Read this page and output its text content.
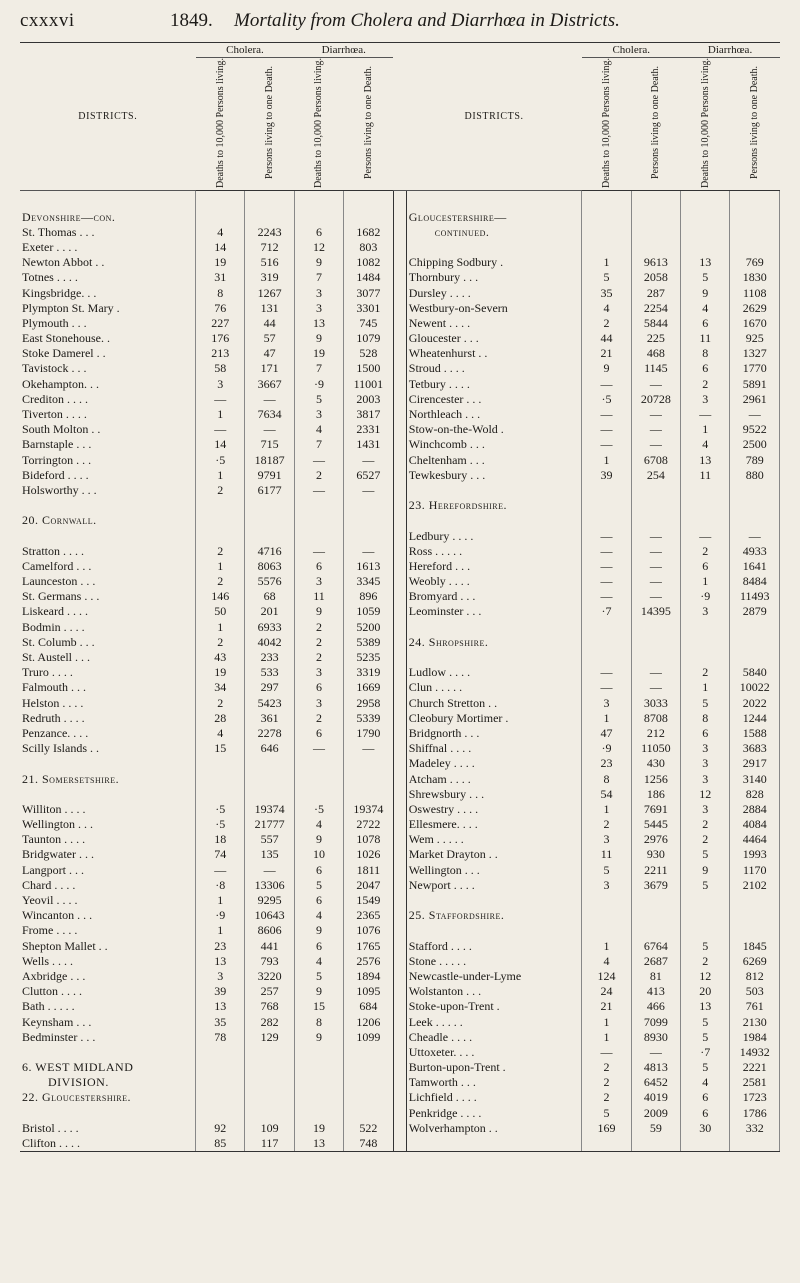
cxxxvi	1849. Mortality from Cholera and Diarrhœa in Districts.
DISTRICTS.	Cholera.		Diarrhœa.			DISTRICTS.	Cholera.		Diarrhœa.	
	Deaths to 10,000 Persons living.	Persons living to one Death.	Deaths to 10,000 Persons living.	Persons living to one Death.			Deaths to 10,000 Persons living.	Persons living to one Death.	Deaths to 10,000 Persons living.	Persons living to one Death.
Devonshire—con.						Gloucestershire—				
St. Thomas . . .	4	2243	6	1682		continued.				
Exeter . . . .	14	712	12	803						
Newton Abbot . .	19	516	9	1082		Chipping Sodbury .	1	9613	13	769
Totnes . . . .	31	319	7	1484		Thornbury . . .	5	2058	5	1830
Kingsbridge. . .	8	1267	3	3077		Dursley . . . .	35	287	9	1108
Plympton St. Mary .	76	131	3	3301		Westbury-on-Severn	4	2254	4	2629
Plymouth . . .	227	44	13	745		Newent . . . .	2	5844	6	1670
East Stonehouse. .	176	57	9	1079		Gloucester . . .	44	225	11	925
Stoke Damerel . .	213	47	19	528		Wheatenhurst . .	21	468	8	1327
Tavistock . . .	58	171	7	1500		Stroud . . . .	9	1145	6	1770
Okehampton. . .	3	3667	·9	11001		Tetbury . . . .	—	—	2	5891
Crediton . . . .	—	—	5	2003		Cirencester . . .	·5	20728	3	2961
Tiverton . . . .	1	7634	3	3817		Northleach . . .	—	—	—	—
South Molton . .	—	—	4	2331		Stow-on-the-Wold .	—	—	1	9522
Barnstaple . . .	14	715	7	1431		Winchcomb . . .	—	—	4	2500
Torrington . . .	·5	18187	—	—		Cheltenham . . .	1	6708	13	789
Bideford . . . .	1	9791	2	6527		Tewkesbury . . .	39	254	11	880
Holsworthy . . .	2	6177	—	—						
						23. Herefordshire.				
20. Cornwall.										
						Ledbury . . . .	—	—	—	—
Stratton . . . .	2	4716	—	—		Ross . . . . .	—	—	2	4933
Camelford . . .	1	8063	6	1613		Hereford . . .	—	—	6	1641
Launceston . . .	2	5576	3	3345		Weobly . . . .	—	—	1	8484
St. Germans . . .	146	68	11	896		Bromyard . . .	—	—	·9	11493
Liskeard . . . .	50	201	9	1059		Leominster . . .	·7	14395	3	2879
Bodmin . . . .	1	6933	2	5200						
St. Columb . . .	2	4042	2	5389		24. Shropshire.				
St. Austell . . .	43	233	2	5235						
Truro . . . .	19	533	3	3319		Ludlow . . . .	—	—	2	5840
Falmouth . . .	34	297	6	1669		Clun . . . . .	—	—	1	10022
Helston . . . .	2	5423	3	2958		Church Stretton . .	3	3033	5	2022
Redruth . . . .	28	361	2	5339		Cleobury Mortimer .	1	8708	8	1244
Penzance. . . .	4	2278	6	1790		Bridgnorth . . .	47	212	6	1588
Scilly Islands . .	15	646	—	—		Shiffnal . . . .	·9	11050	3	3683
						Madeley . . . .	23	430	3	2917
21. Somersetshire.						Atcham . . . .	8	1256	3	3140
						Shrewsbury . . .	54	186	12	828
Williton . . . .	·5	19374	·5	19374		Oswestry . . . .	1	7691	3	2884
Wellington . . .	·5	21777	4	2722		Ellesmere. . . .	2	5445	2	4084
Taunton . . . .	18	557	9	1078		Wem . . . . .	3	2976	2	4464
Bridgwater . . .	74	135	10	1026		Market Drayton . .	11	930	5	1993
Langport . . .	—	—	6	1811		Wellington . . .	5	2211	9	1170
Chard . . . .	·8	13306	5	2047		Newport . . . .	3	3679	5	2102
Yeovil . . . .	1	9295	6	1549						
Wincanton . . .	·9	10643	4	2365		25. Staffordshire.				
Frome . . . .	1	8606	9	1076						
Shepton Mallet . .	23	441	6	1765		Stafford . . . .	1	6764	5	1845
Wells . . . .	13	793	4	2576		Stone . . . . .	4	2687	2	6269
Axbridge . . .	3	3220	5	1894		Newcastle-under-Lyme	124	81	12	812
Clutton . . . .	39	257	9	1095		Wolstanton . . .	24	413	20	503
Bath . . . . .	13	768	15	684		Stoke-upon-Trent .	21	466	13	761
Keynsham . . .	35	282	8	1206		Leek . . . . .	1	7099	5	2130
Bedminster . . .	78	129	9	1099		Cheadle . . . .	1	8930	5	1984
						Uttoxeter. . . .	—	—	·7	14932
6. WEST MIDLAND						Burton-upon-Trent .	2	4813	5	2221
DIVISION.						Tamworth . . .	2	6452	4	2581
22. Gloucestershire.						Lichfield . . . .	2	4019	6	1723
						Penkridge . . . .	5	2009	6	1786
Bristol . . . .	92	109	19	522		Wolverhampton . .	169	59	30	332
Clifton . . . .	85	117	13	748						
